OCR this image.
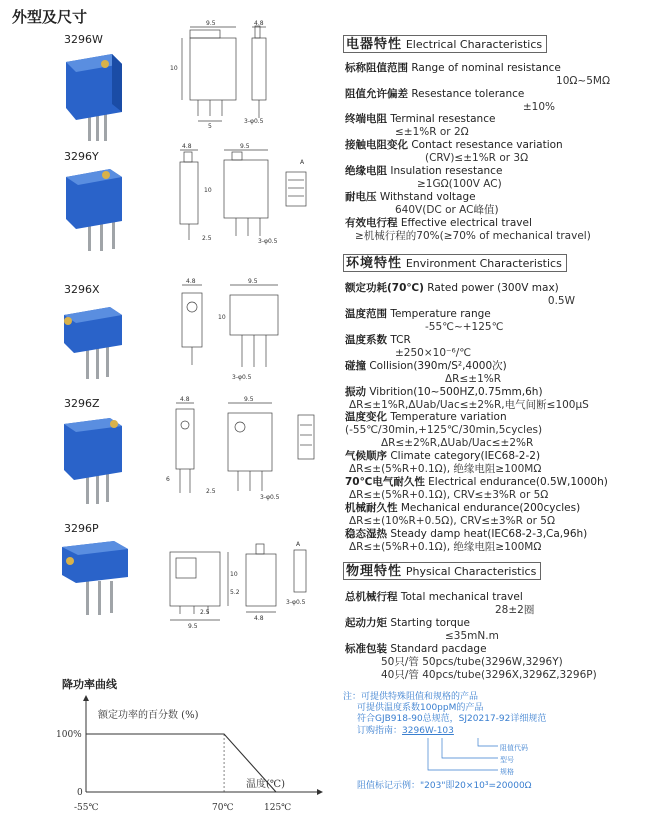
外型及尺寸
3296W
3296Y
3296X
3296Z
3296P
9.5	4.8
10
5
3-φ0.5
9.5
4.8
10
2.5	3-φ0.5
A
4.8	9.5
10
3-φ0.5
4.8	9.5
6
2.5
3-φ0.5
9.5
4.8
10
2.5
5.2
3-φ0.5
A
降功率曲线
额定功率的百分数 (%)
100%
0
温度(℃)
-55℃	70℃	125℃
电器特性 Electrical Characteristics
标称阻值范围 Range of nominal resistance
10Ω~5MΩ
阻值允许偏差 Resestance tolerance
±10%
终端电阻 Terminal resestance
≤±1%R or 2Ω
接触电阻变化 Contact resestance variation
(CRV)≤±1%R or 3Ω
绝缘电阻 Insulation resestance
≥1GΩ(100V AC)
耐电压 Withstand voltage
640V(DC or AC峰值)
有效电行程 Effective electrical travel
≥机械行程的70%(≥70% of mechanical travel)
环境特性 Environment Characteristics
额定功耗(70℃) Rated power (300V max)
0.5W
温度范围 Temperature range
-55℃~+125℃
温度系数 TCR
±250×10⁻⁶/℃
碰撞 Collision(390m/S²,4000次)
ΔR≤±1%R
振动 Vibrition(10~500HZ,0.75mm,6h)
ΔR≤±1%R,ΔUab/Uac≤±2%R,电气间断≤100μS
温度变化 Temperature variation
(-55℃/30min,+125℃/30min,5cycles)
ΔR≤±2%R,ΔUab/Uac≤±2%R
气候顺序 Climate category(IEC68-2-2)
ΔR≤±(5%R+0.1Ω), 绝缘电阻≥100MΩ
70℃电气耐久性 Electrical endurance(0.5W,1000h)
ΔR≤±(5%R+0.1Ω), CRV≤±3%R or 5Ω
机械耐久性 Mechanical endurance(200cycles)
ΔR≤±(10%R+0.5Ω), CRV≤±3%R or 5Ω
稳态湿热 Steady damp heat(IEC68-2-3,Ca,96h)
ΔR≤±(5%R+0.1Ω), 绝缘电阻≥100MΩ
物理特性 Physical Characteristics
总机械行程 Total mechanical travel
28±2圈
起动力矩 Starting torque
≤35mN.m
标准包装 Standard pacdage
50只/管 50pcs/tube(3296W,3296Y)
40只/管 40pcs/tube(3296X,3296Z,3296P)
注：可提供特殊阻值和规格的产品
可提供温度系数100ppM的产品
符合GJB918-90总规范，SJ20217-92详细规范
订购指南：3296W-103
阻值代码
型号
规格
阻值标记示例："203"即20×10³=20000Ω
